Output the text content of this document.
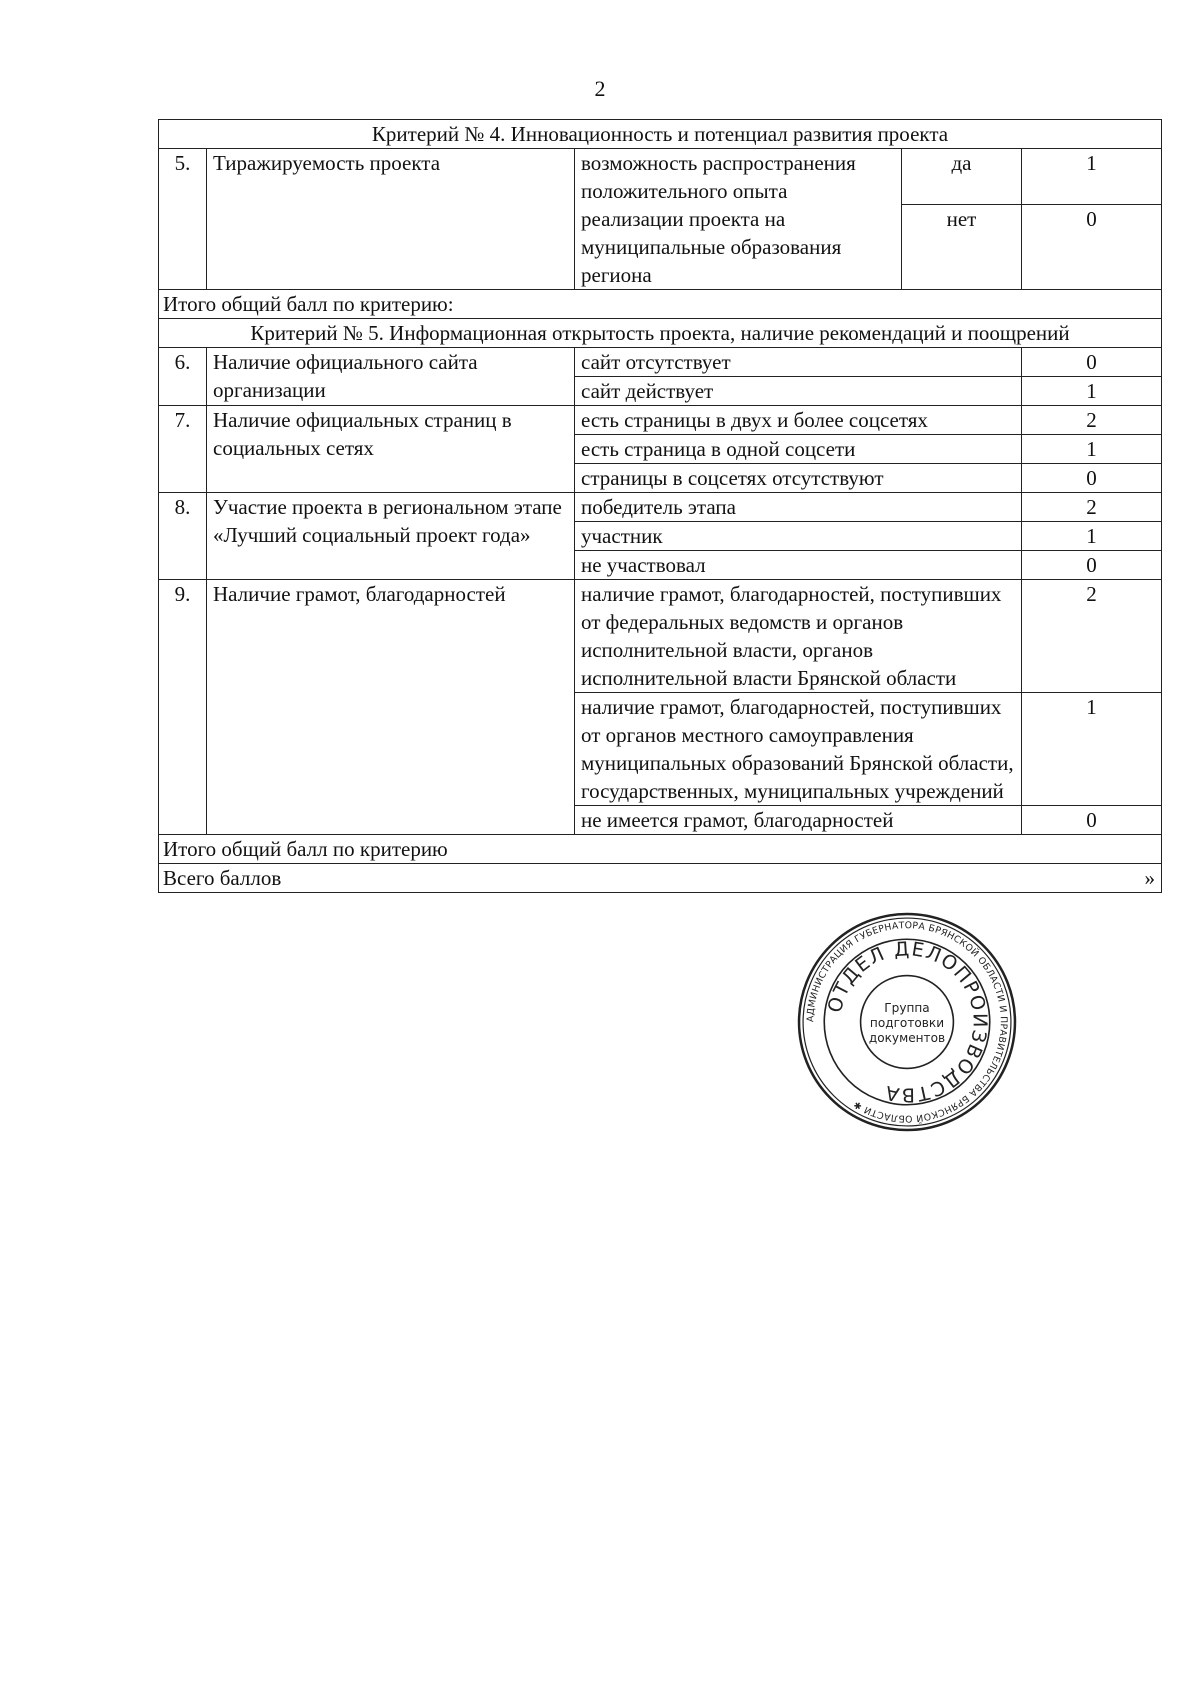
2
Критерий № 4. Инновационность и потенциал развития проекта				
5.	Тиражируемость проекта	возможность распространения положительного опыта реализации проекта на муниципальные образования региона	да	1
			нет	0
Итого общий балл по критерию:				
Критерий № 5. Информационная открытость проекта, наличие рекомендаций и поощрений				
6.	Наличие официального сайта организации	сайт отсутствует		0
		сайт действует		1
7.	Наличие официальных страниц в социальных сетях	есть страницы в двух и более соцсетях		2
		есть страница в одной соцсети		1
		страницы в соцсетях отсутствуют		0
8.	Участие проекта в региональном этапе «Лучший социальный проект года»	победитель этапа		2
		участник		1
		не участвовал		0
9.	Наличие грамот, благодарностей	наличие грамот, благодарностей, поступивших от федеральных ведомств и органов исполнительной власти, органов исполнительной власти Брянской области		2
		наличие грамот, благодарностей, поступивших от органов местного самоуправления муниципальных образований Брянской области, государственных, муниципальных учреждений		1
		не имеется грамот, благодарностей		0
Итого общий балл по критерию				
Всего баллов				»
АДМИНИСТРАЦИЯ ГУБЕРНАТОРА БРЯНСКОЙ ОБЛАСТИ И ПРАВИТЕЛЬСТВА БРЯНСКОЙ ОБЛАСТИ ✱
ОТДЕЛ ДЕЛОПРОИЗВОДСТВА
Группа
подготовки
документов
